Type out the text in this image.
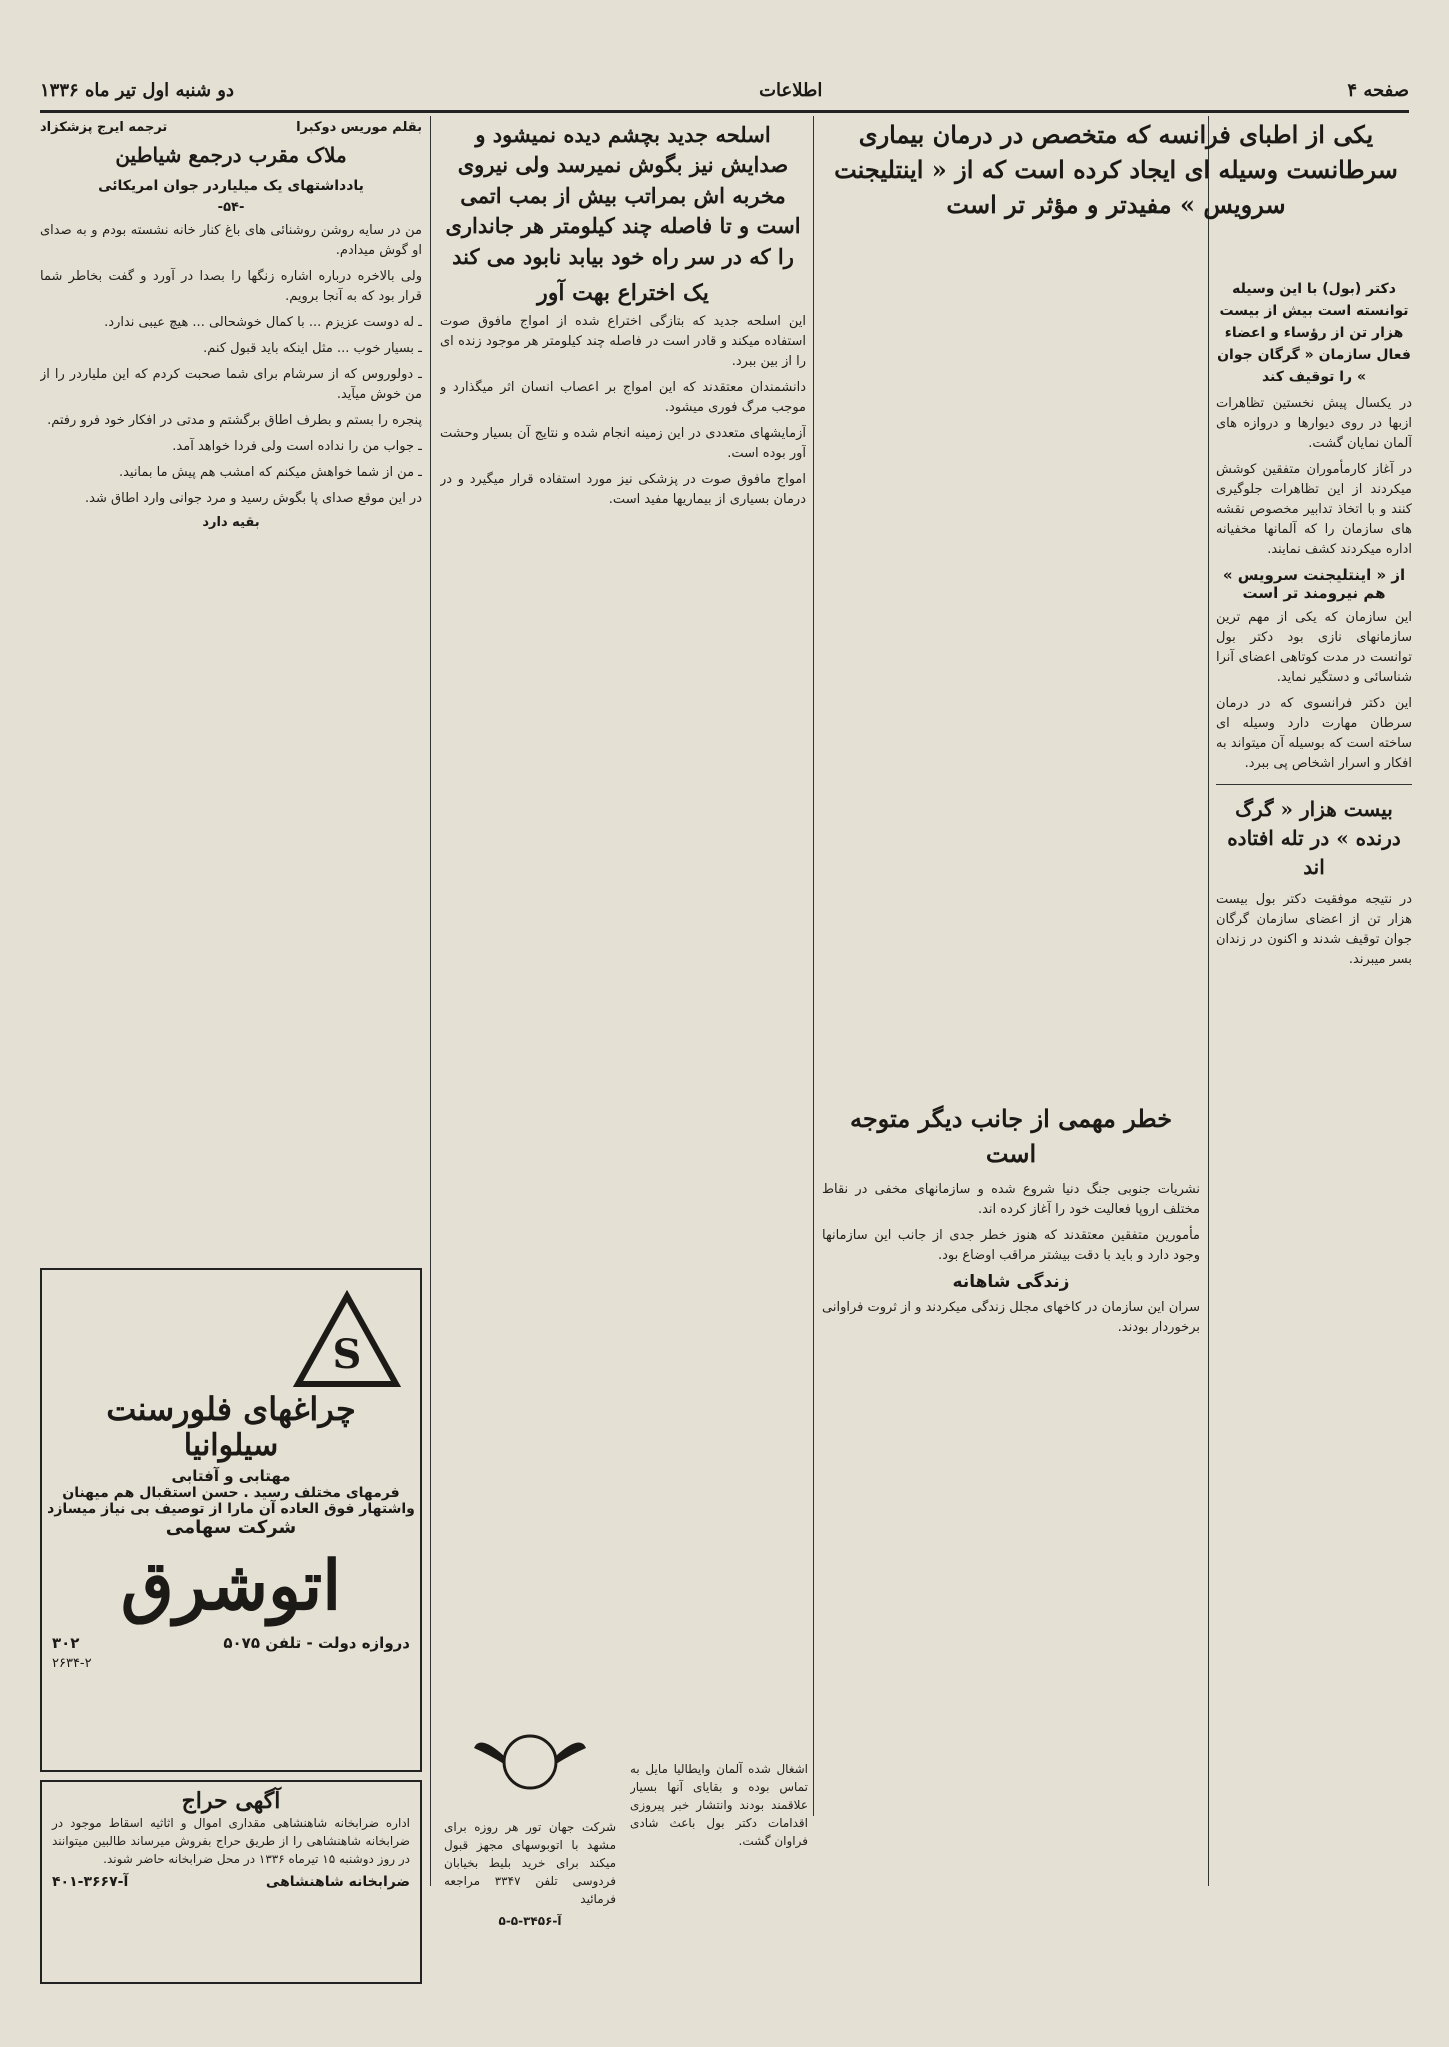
صفحه ۴
اطلاعات
دو شنبه اول تیر ماه ۱۳۳۶
یکی از اطبای فرانسه که متخصص در درمان بیماری سرطانست وسیله ای ایجاد کرده است که از « اینتلیجنت سرویس » مفیدتر و مؤثر تر است
دکتر (بول) با این وسیله توانسته است بیش از بیست هزار تن از رؤساء و اعضاء فعال سازمان « گرگان جوان » را توقیف کند

در یکسال پیش نخستین تظاهرات ازبها در روی دیوارها و دروازه های آلمان نمایان گشت.

در آغاز کارمأموران متفقین کوشش میکردند از این تظاهرات جلوگیری کنند و با اتخاذ تدابیر مخصوص نقشه های سازمان را که آلمانها مخفیانه اداره میکردند کشف نمایند.

از « اینتلیجنت سرویس » هم نیرومند تر است

این سازمان که یکی از مهم ترین سازمانهای نازی بود دکتر بول توانست در مدت کوتاهی اعضای آنرا شناسائی و دستگیر نماید.

این دکتر فرانسوی که در درمان سرطان مهارت دارد وسیله ای ساخته است که بوسیله آن میتواند به افکار و اسرار اشخاص پی ببرد.

بیست هزار « گرگ درنده » در تله افتاده اند

در نتیجه موفقیت دکتر بول بیست هزار تن از اعضای سازمان گرگان جوان توقیف شدند و اکنون در زندان بسر میبرند.

خطر مهمی از جانب دیگر متوجه است

نشریات جنوبی جنگ دنیا شروع شده و سازمانهای مخفی در نقاط مختلف اروپا فعالیت خود را آغاز کرده اند.

مأمورین متفقین معتقدند که هنوز خطر جدی از جانب این سازمانها وجود دارد و باید با دقت بیشتر مراقب اوضاع بود.

زندگی شاهانه

سران این سازمان در کاخهای مجلل زندگی میکردند و از ثروت فراوانی برخوردار بودند.

اسلحه جدید بچشم دیده نمیشود و صدایش نیز بگوش نمیرسد ولی نیروی مخربه اش بمراتب بیش از بمب اتمی است و تا فاصله چند کیلومتر هر جانداری را که در سر راه خود بیابد نابود می کند
یک اختراع بهت آور

این اسلحه جدید که بتازگی اختراع شده از امواج مافوق صوت استفاده میکند و قادر است در فاصله چند کیلومتر هر موجود زنده ای را از بین ببرد.

دانشمندان معتقدند که این امواج بر اعصاب انسان اثر میگذارد و موجب مرگ فوری میشود.

آزمایشهای متعددی در این زمینه انجام شده و نتایج آن بسیار وحشت آور بوده است.

امواج مافوق صوت در پزشکی نیز مورد استفاده قرار میگیرد و در درمان بسیاری از بیماریها مفید است.

بقلم موریس دوکبرا
ترجمه ایرج پزشکزاد
ملاک مقرب درجمع شیاطین
یادداشتهای یک میلیاردر جوان امریکائی
-۵۴-

من در سایه روشن روشنائی های باغ کنار خانه نشسته بودم و به صدای او گوش میدادم.

ولی بالاخره درباره اشاره زنگها را بصدا در آورد و گفت بخاطر شما قرار بود که به آنجا برویم.

ـ له دوست عزیزم ... با کمال خوشحالی ... هیچ عیبی ندارد.

ـ بسیار خوب ... مثل اینکه باید قبول کنم.

ـ دولوروس که از سرشام برای شما صحبت کردم که این ملیاردر را از من خوش میآید.

پنجره را بستم و بطرف اطاق برگشتم و مدتی در افکار خود فرو رفتم.

ـ جواب من را نداده است ولی فردا خواهد آمد.

ـ من از شما خواهش میکنم که امشب هم پیش ما بمانید.

در این موقع صدای پا بگوش رسید و مرد جوانی وارد اطاق شد.

بقیه دارد
S
چراغهای فلورسنت
سیلوانیا
مهتابی و آفتابی
فرمهای مختلف رسید . حسن استقبال هم میهنان
واشتهار فوق العاده آن مارا از توصیف بی نیاز میسازد
شرکت سهامی
اتوشرق
دروازه دولت - تلفن ۵۰۷۵
۳۰۲
۲۶۳۴-۲
آگهی حراج

اداره ضرابخانه شاهنشاهی مقداری اموال و اثاثیه اسقاط موجود در ضرابخانه شاهنشاهی را از طریق حراج بفروش میرساند طالبین میتوانند در روز دوشنبه ۱۵ تیرماه ۱۳۳۶ در محل ضرابخانه حاضر شوند.

ضرابخانه شاهنشاهی
آ-۳۶۶۷-۴۰۱

شرکت جهان تور هر روزه برای مشهد با اتوبوسهای مجهز قبول میکند برای خرید بلیط بخیابان فردوسی تلفن ۳۳۴۷ مراجعه فرمائید

آ-۳۴۵۶-۵-۵

اشغال شده آلمان وایطالیا مایل به تماس بوده و بقایای آنها بسیار علاقمند بودند وانتشار خبر پیروزی اقدامات دکتر بول باعث شادی فراوان گشت.
